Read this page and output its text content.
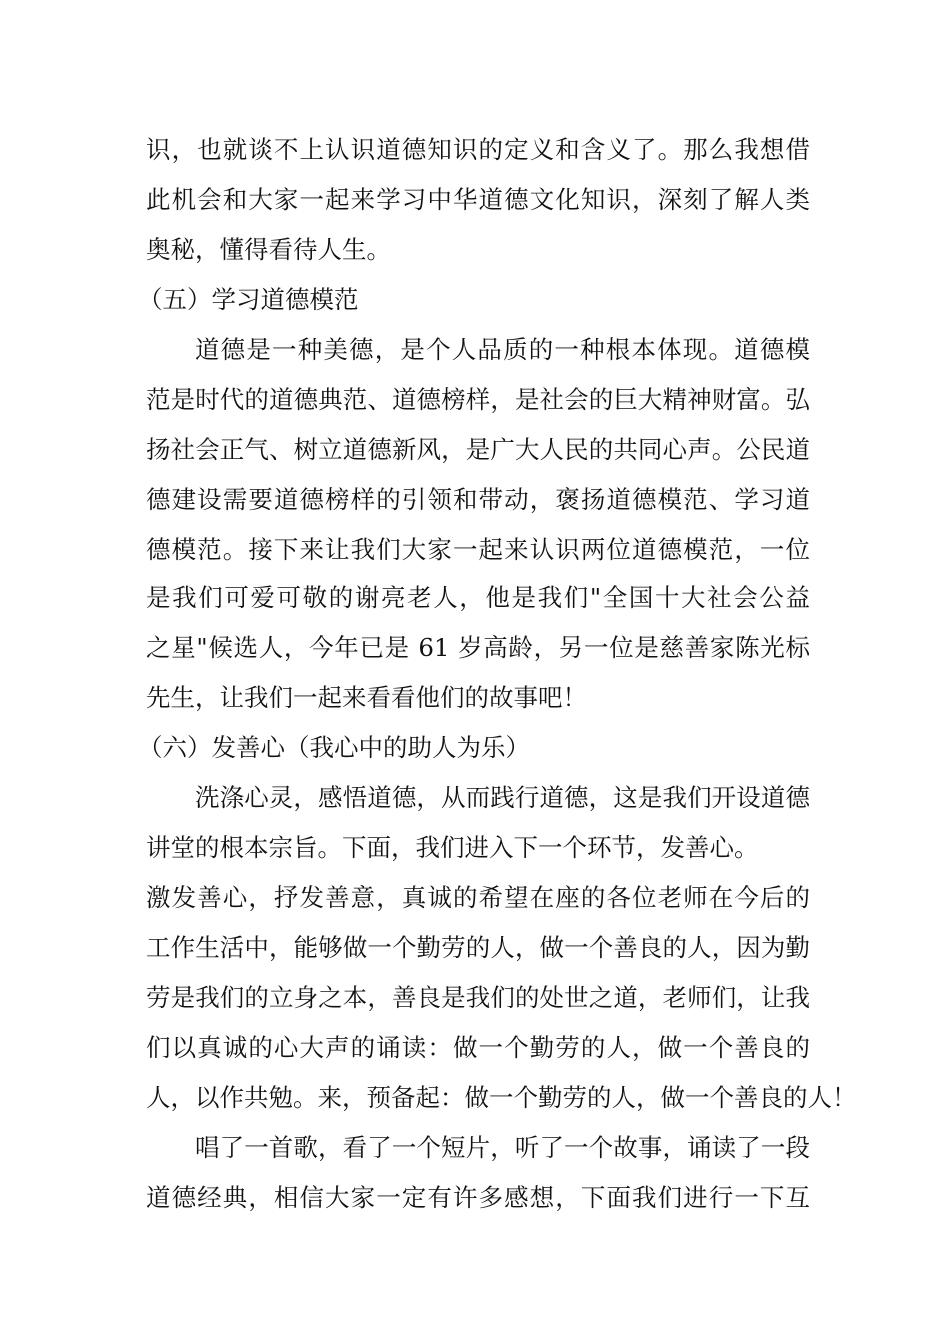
识，也就谈不上认识道德知识的定义和含义了。那么我想借
此机会和大家一起来学习中华道德文化知识，深刻了解人类
奥秘，懂得看待人生。
（五）学习道德模范
道德是一种美德，是个人品质的一种根本体现。道德模
范是时代的道德典范、道德榜样，是社会的巨大精神财富。弘
扬社会正气、树立道德新风，是广大人民的共同心声。公民道
德建设需要道德榜样的引领和带动，褒扬道德模范、学习道
德模范。接下来让我们大家一起来认识两位道德模范，一位
是我们可爱可敬的谢亮老人，他是我们"全国十大社会公益
之星"候选人，今年已是 61 岁高龄，另一位是慈善家陈光标
先生，让我们一起来看看他们的故事吧！
（六）发善心（我心中的助人为乐）
洗涤心灵，感悟道德，从而践行道德，这是我们开设道德
讲堂的根本宗旨。下面，我们进入下一个环节，发善心。
激发善心，抒发善意，真诚的希望在座的各位老师在今后的
工作生活中，能够做一个勤劳的人，做一个善良的人，因为勤
劳是我们的立身之本，善良是我们的处世之道，老师们，让我
们以真诚的心大声的诵读：做一个勤劳的人，做一个善良的
人，以作共勉。来，预备起：做一个勤劳的人，做一个善良的人！
唱了一首歌，看了一个短片，听了一个故事，诵读了一段
道德经典，相信大家一定有许多感想，下面我们进行一下互
